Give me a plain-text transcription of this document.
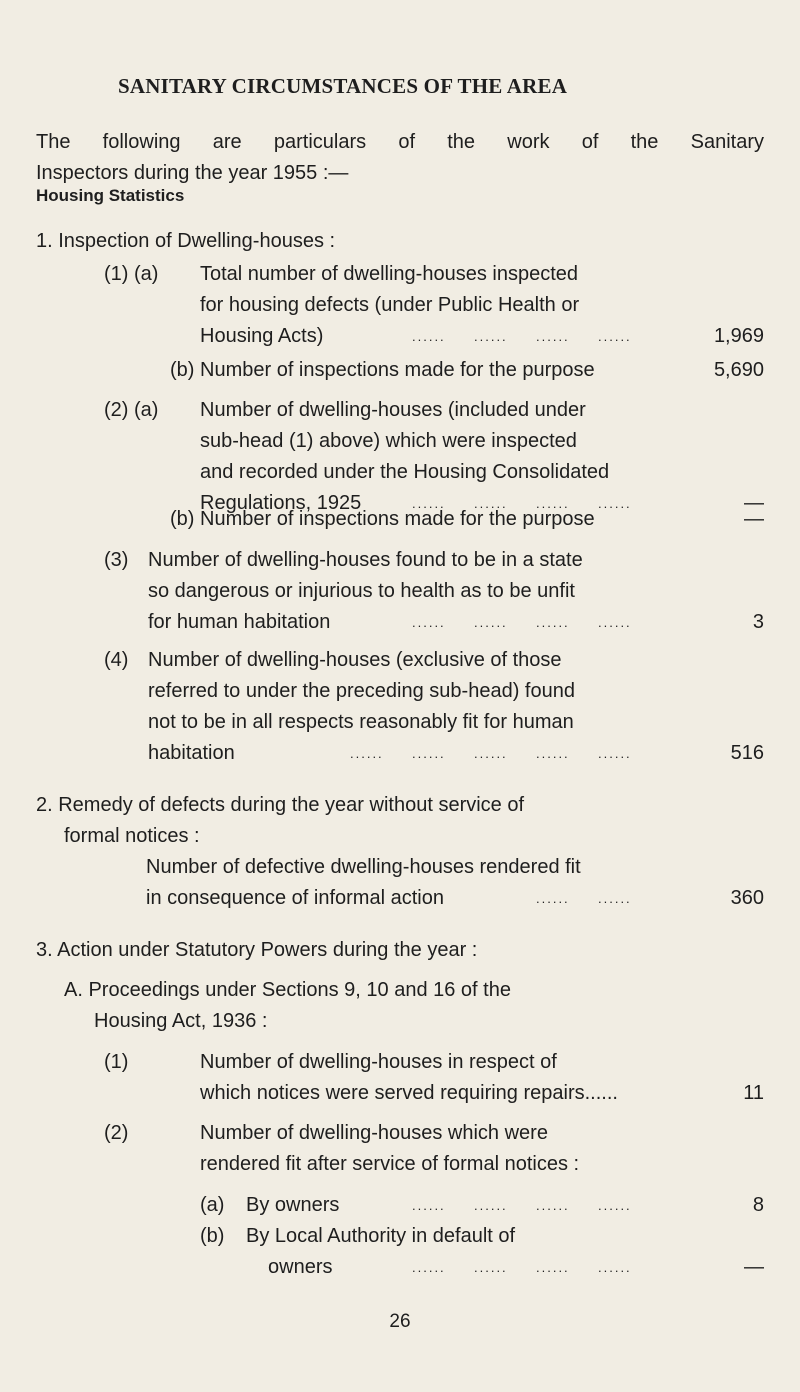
SANITARY CIRCUMSTANCES OF THE AREA
The following are particulars of the work of the Sanitary
Inspectors during the year 1955 :—
Housing Statistics
1. Inspection of Dwelling-houses :
(1) (a) Total number of dwelling-houses inspected
for housing defects (under Public Health or
Housing Acts)	...... ...... ...... ......	1,969
(b) Number of inspections made for the purpose	5,690
(2) (a) Number of dwelling-houses (included under
sub-head (1) above) which were inspected
and recorded under the Housing Consolidated
Regulations, 1925	...... ...... ...... ......	—
(b) Number of inspections made for the purpose	—
(3) Number of dwelling-houses found to be in a state
so dangerous or injurious to health as to be unfit
for human habitation	...... ...... ...... ......	3
(4) Number of dwelling-houses (exclusive of those
referred to under the preceding sub-head) found
not to be in all respects reasonably fit for human
habitation	...... ...... ...... ...... ......	516
2. Remedy of defects during the year without service of
formal notices :
Number of defective dwelling-houses rendered fit
in consequence of informal action	...... ......	360
3. Action under Statutory Powers during the year :
A. Proceedings under Sections 9, 10 and 16 of the
Housing Act, 1936 :
(1)	Number of dwelling-houses in respect of
which notices were served requiring repairs......	11
(2)	Number of dwelling-houses which were
rendered fit after service of formal notices :
(a) By owners	...... ...... ...... ......	8
(b) By Local Authority in default of
owners	...... ...... ...... ......	—
26
